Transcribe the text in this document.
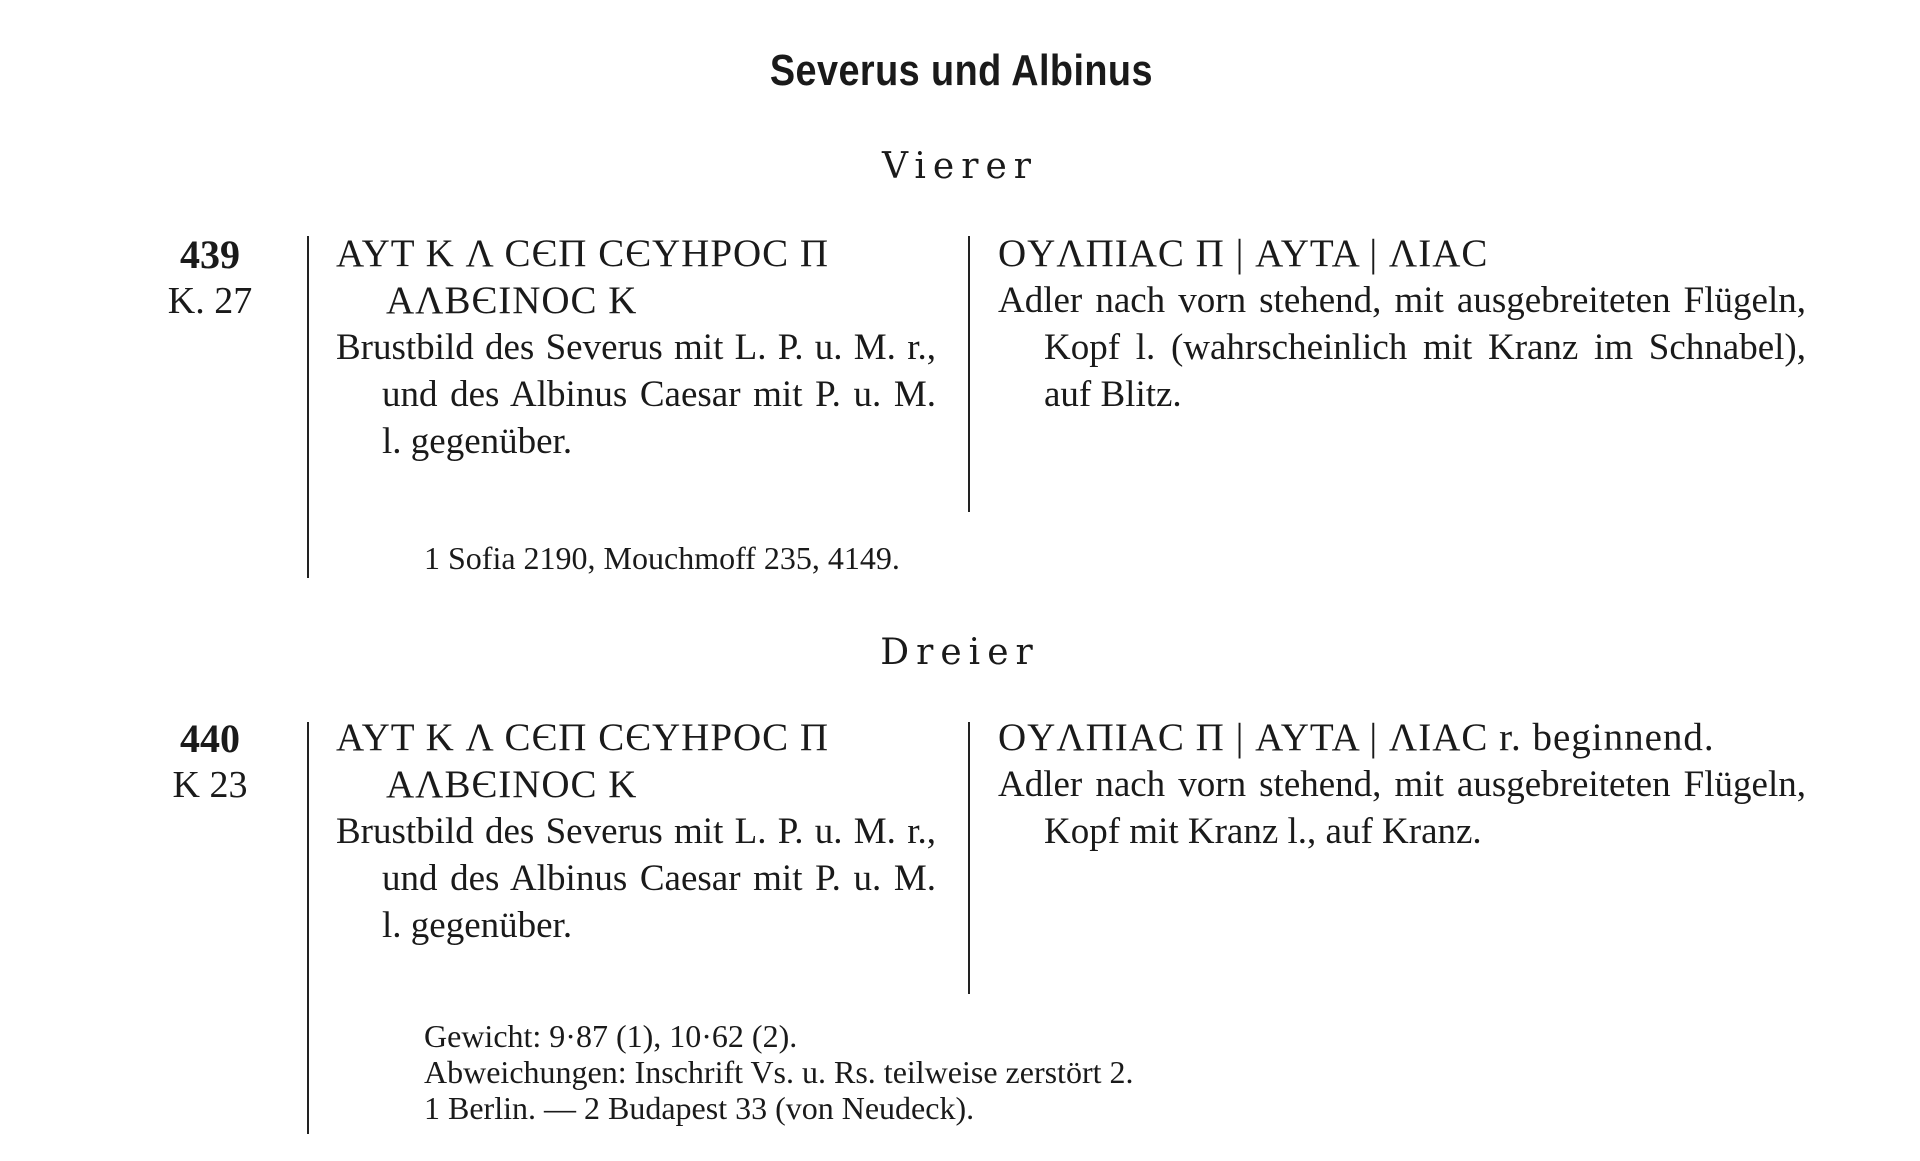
Severus und Albinus
Vierer
439
K. 27

AYT K Λ CЄΠ CЄYHPOC Π

AΛBЄINOC K

Brustbild des Severus mit L. P. u. M. r., und des Albinus Caesar mit P. u. M. l. gegenüber.

OYΛΠIAC Π | AYTA | ΛIAC

Adler nach vorn stehend, mit ausgebreiteten Flügeln, Kopf l. (wahrscheinlich mit Kranz im Schnabel), auf Blitz.

1 Sofia 2190, Mouchmoff 235, 4149.
Dreier
440
K 23

AYT K Λ CЄΠ CЄYHPOC Π

AΛBЄINOC K

Brustbild des Severus mit L. P. u. M. r., und des Albinus Caesar mit P. u. M. l. gegenüber.

OYΛΠIAC Π | AYTA | ΛIAC r. beginnend.

Adler nach vorn stehend, mit ausgebreiteten Flügeln, Kopf mit Kranz l., auf Kranz.

Gewicht: 9·87 (1), 10·62 (2).
Abweichungen: Inschrift Vs. u. Rs. teilweise zerstört 2.
1 Berlin. — 2 Budapest 33 (von Neudeck).
